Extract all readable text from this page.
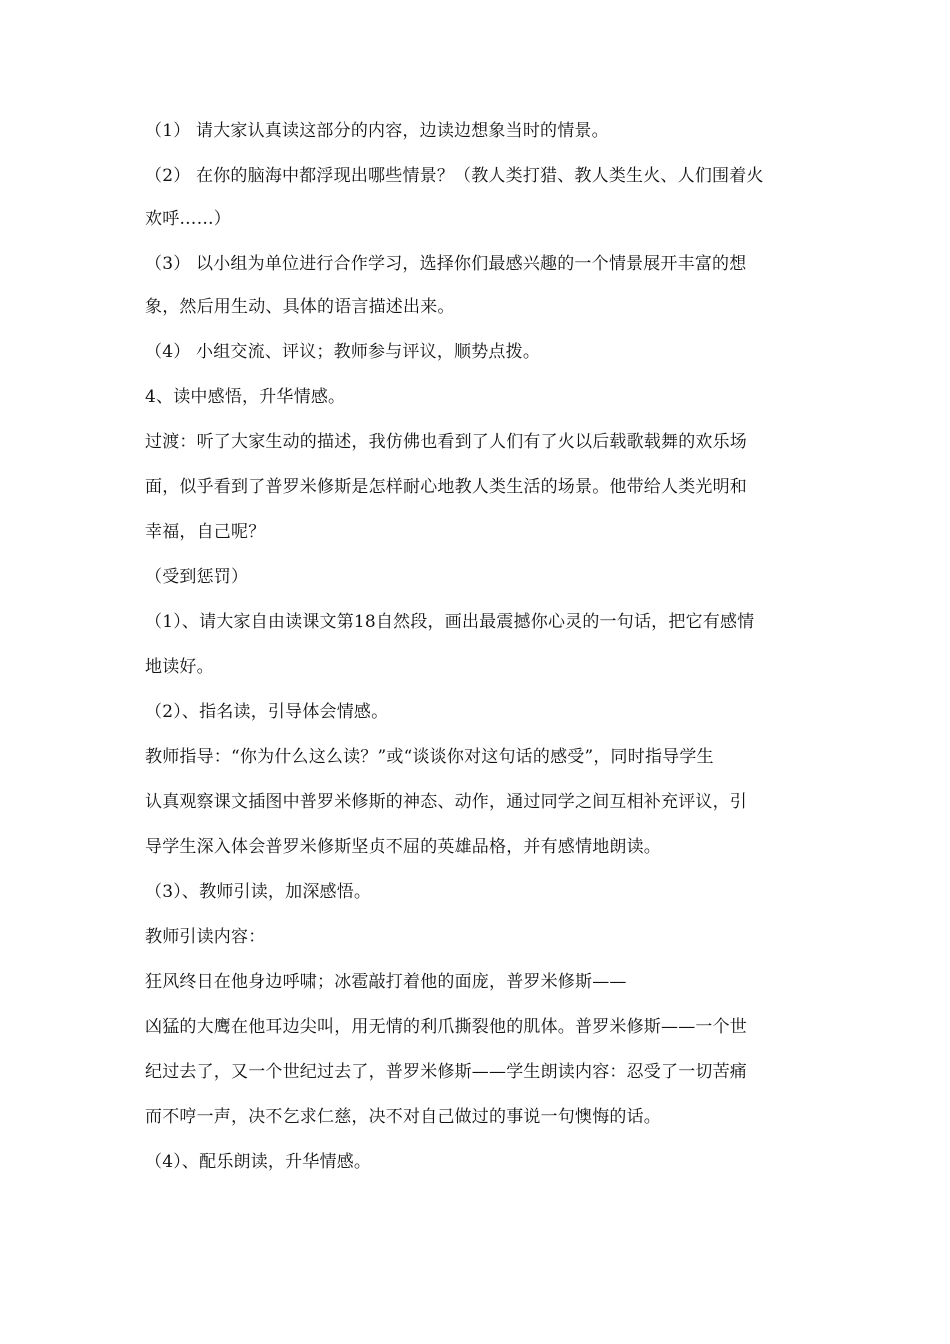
（1） 请大家认真读这部分的内容，边读边想象当时的情景。
（2） 在你的脑海中都浮现出哪些情景？（教人类打猎、教人类生火、人们围着火
欢呼……）
（3） 以小组为单位进行合作学习，选择你们最感兴趣的一个情景展开丰富的想
象，然后用生动、具体的语言描述出来。
（4） 小组交流、评议；教师参与评议，顺势点拨。
4、读中感悟，升华情感。
过渡：听了大家生动的描述，我仿佛也看到了人们有了火以后载歌载舞的欢乐场
面，似乎看到了普罗米修斯是怎样耐心地教人类生活的场景。他带给人类光明和
幸福，自己呢？
（受到惩罚）
（1）、请大家自由读课文第18自然段，画出最震撼你心灵的一句话，把它有感情
地读好。
（2）、指名读，引导体会情感。
教师指导：“你为什么这么读？”或“谈谈你对这句话的感受”，同时指导学生
认真观察课文插图中普罗米修斯的神态、动作，通过同学之间互相补充评议，引
导学生深入体会普罗米修斯坚贞不屈的英雄品格，并有感情地朗读。
（3）、教师引读，加深感悟。
教师引读内容：
狂风终日在他身边呼啸；冰雹敲打着他的面庞，普罗米修斯——
凶猛的大鹰在他耳边尖叫，用无情的利爪撕裂他的肌体。普罗米修斯——一个世
纪过去了，又一个世纪过去了，普罗米修斯——学生朗读内容：忍受了一切苦痛
而不哼一声，决不乞求仁慈，决不对自己做过的事说一句懊悔的话。
（4）、配乐朗读，升华情感。
